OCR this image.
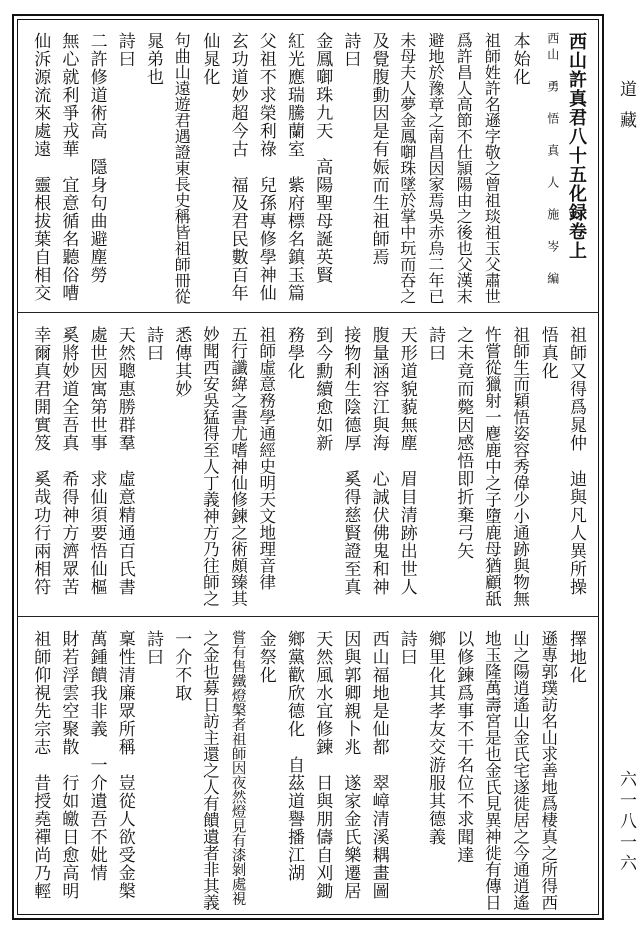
道藏
六一八一六
西山許真君八十五化録卷上
西山　勇　悟　真　人　施　岑　編
本始化
祖師姓許名遜字敬之曾祖琰祖玉父肅世
爲許昌人高節不仕頴陽由之後也父漢末
避地於豫章之南昌因家焉吳赤烏二年已
未母夫人夢金鳳啣珠墜於掌中玩而吞之
及覺腹動因是有娠而生祖師焉
詩曰
金鳳啣珠九天　高陽聖母誕英賢
紅光應瑞騰蘭室　紫府標名鎮玉篇
父祖不求榮利祿　兒孫專修學神仙
玄功道妙超今古　福及君民數百年
仙晁化
句曲山遠遊君遇證東長史稱皆祖師冊從
晁弟也
詩曰
二許修道術高　隱身句曲避塵勞
無心就利爭戎華　宜意循名聽俗嘈
仙泝源流來處遠　靈根拔葉自相交
祖師又得爲晁仲　迪與凡人異所操
悟真化
祖師生而穎悟姿容秀偉少小通跡與物無
忤嘗從獵射一麀鹿中之子墮鹿母猶顧舐
之未竟而斃因感悟即折棄弓矢
詩曰
天形道貌藐無塵　眉目清跡出世人
腹量涵容江與海　心誠伏佛鬼和神
接物利生陰德厚　奚得慈賢證至真
到今勳續愈如新
務學化
祖師虛意務學通經史明天文地理音律
五行讖緯之書尤嗜神仙修鍊之術頗臻其
妙聞西安吳猛得至人丁義神方乃往師之
悉傳其妙
詩曰
天然聰惠勝群羣　虛意精通百氏書
處世因寓第世事　求仙須要悟仙樞
奚將妙道全吾真　希得神方濟眾苦
幸爾真君開實笈　奚哉功行兩相符
擇地化
遜專郭璞訪名山求善地爲棲真之所得西
山之陽逍遙山金氏宅遂徙居之今通逍遙
地玉隆萬壽宮是也金氏見異神徙有傳日
以修鍊爲事不干名位不求聞達
鄉里化其孝友交游服其德義
詩曰
西山福地是仙都　翠嶂清溪耦畫圖
因與郭卿親卜兆　遂家金氏樂遷居
天然風水宜修鍊　日與朋儔自刈鋤
鄉黨歡欣德化　自茲道譽播江湖
金祭化
嘗有售鐵燈槃者祖師因夜然燈見有漆剝處視
之金也募日訪主還之人有饋遺者非其義
一介不取
詩曰
稟性清廉眾所稱　豈從人欲受金槃
萬鍾饋我非義　一介遺吾不妣情
財若浮雲空聚散　行如皦日愈高明
祖師仰視先宗志　昔授堯禪尚乃輕
